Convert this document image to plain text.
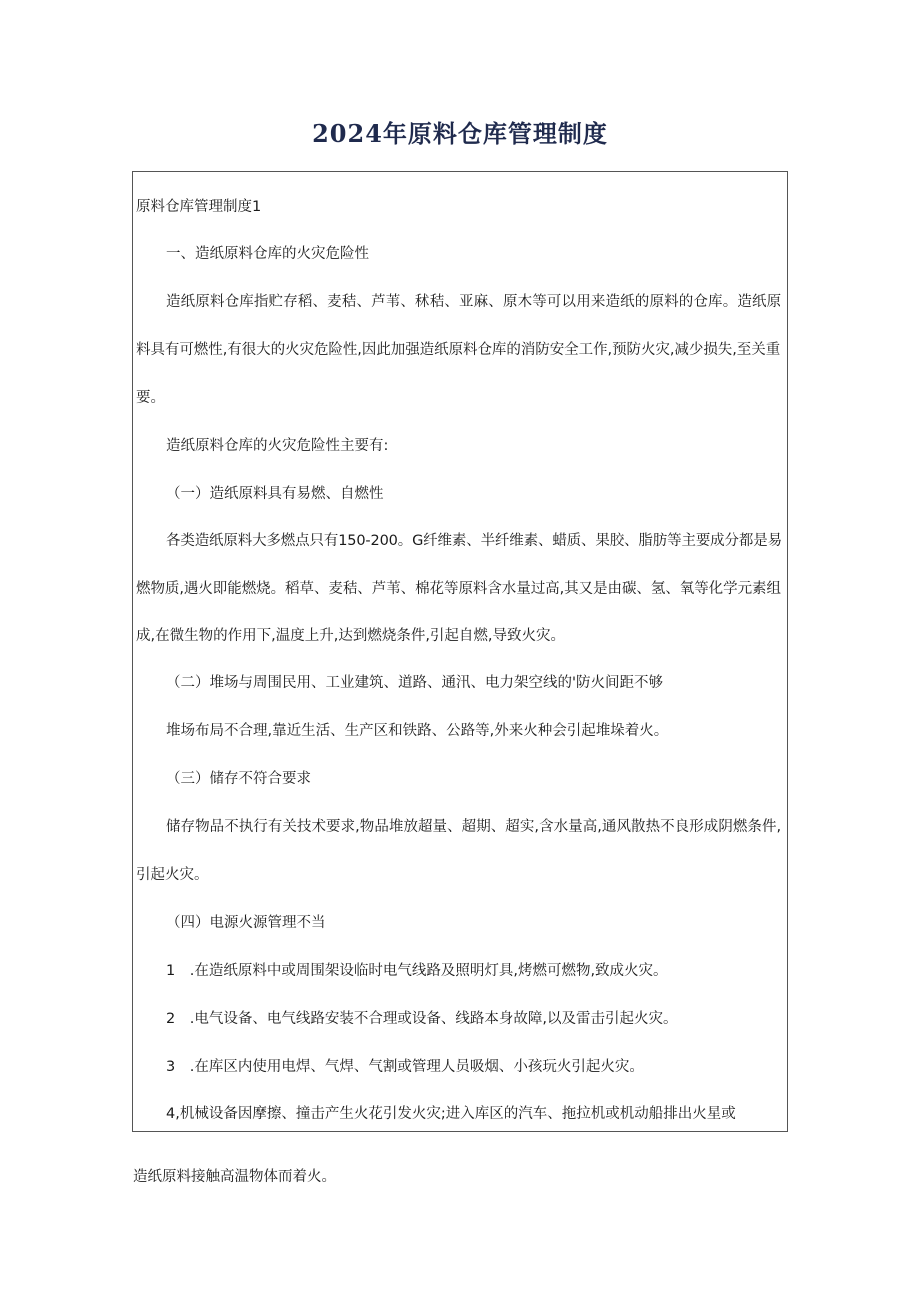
2024年原料仓库管理制度
原料仓库管理制度1
一、造纸原料仓库的火灾危险性
造纸原料仓库指贮存稻、麦秸、芦苇、秫秸、亚麻、原木等可以用来造纸的原料的仓库。造纸原
料具有可燃性,有很大的火灾危险性,因此加强造纸原料仓库的消防安全工作,预防火灾,减少损失,至关重
要。
造纸原料仓库的火灾危险性主要有:
（一）造纸原料具有易燃、自燃性
各类造纸原料大多燃点只有150-200。G纤维素、半纤维素、蜡质、果胶、脂肪等主要成分都是易
燃物质,遇火即能燃烧。稻草、麦秸、芦苇、棉花等原料含水量过高,其又是由碳、氢、氧等化学元素组
成,在微生物的作用下,温度上升,达到燃烧条件,引起自燃,导致火灾。
（二）堆场与周围民用、工业建筑、道路、通汛、电力架空线的'防火间距不够
堆场布局不合理,靠近生活、生产区和铁路、公路等,外来火种会引起堆垛着火。
（三）储存不符合要求
储存物品不执行有关技术要求,物品堆放超量、超期、超实,含水量高,通风散热不良形成阴燃条件,
引起火灾。
（四）电源火源管理不当
1　.在造纸原料中或周围架设临时电气线路及照明灯具,烤燃可燃物,致成火灾。
2　.电气设备、电气线路安装不合理或设备、线路本身故障,以及雷击引起火灾。
3　.在库区内使用电焊、气焊、气割或管理人员吸烟、小孩玩火引起火灾。
4,机械设备因摩擦、撞击产生火花引发火灾;进入库区的汽车、拖拉机或机动船排出火星或
造纸原料接触高温物体而着火。
